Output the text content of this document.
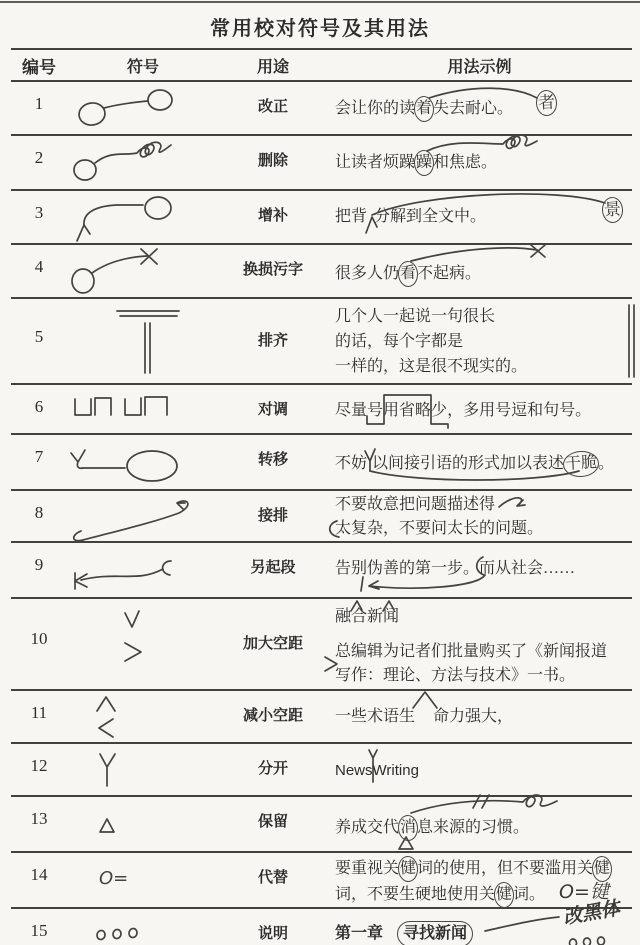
常用校对符号及其用法
编号	符号	用途	用法示例
1	改正	会让你的读着失去耐心。 者
2	删除	让读者烦躁躁和焦虑。
3	增补	把背 分解到全文中。	景
4	换损污字	很多人仍看不起病。
5	排齐
几个人一起说一句很长
的话，每个字都是
一样的，这是很不现实的。
6	对调	尽量号用省略少，多用号逗和句号。
7	转移	不妨 以间接引语的形式加以表述干脆。
8	接排
不要故意把问题描述得
太复杂，不要问太长的问题。
9	另起段	告别伪善的第一步。而从社会……
10	加大空距
融合新闻
总编辑为记者们批量购买了《新闻报道
写作：理论、方法与技术》一书。
11	减小空距	一些术语生 命力强大，
12	分开	NewsWriting
13	保留	养成交代消息来源的习惯。
14	O=	代替
要重视关健词的使用，但不要滥用关健
词，不要生硬地使用关健词。 O=键
15	说明	第一章 寻找新闻
改黑体
